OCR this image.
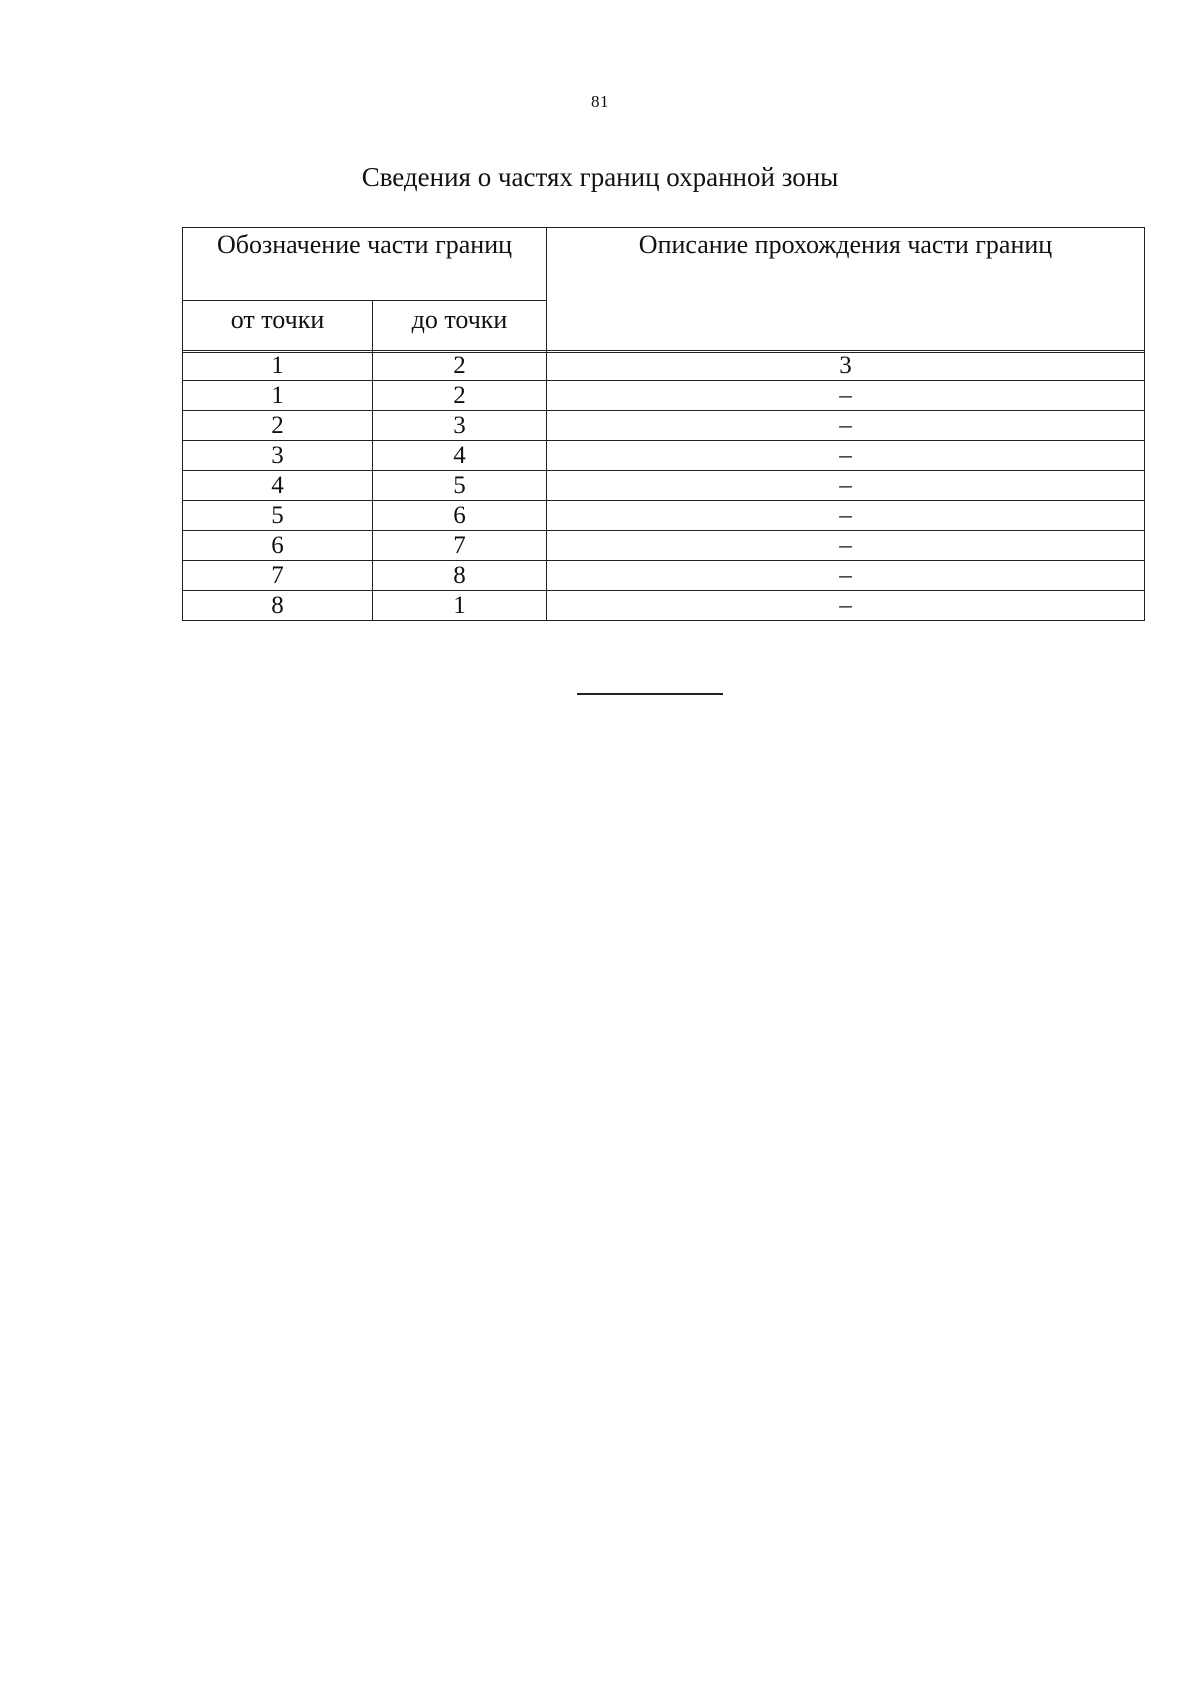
81
Сведения о частях границ охранной зоны
Обозначение части границ		Описание прохождения части границ
от точки	до точки	
1	2	3
1	2	–
2	3	–
3	4	–
4	5	–
5	6	–
6	7	–
7	8	–
8	1	–
